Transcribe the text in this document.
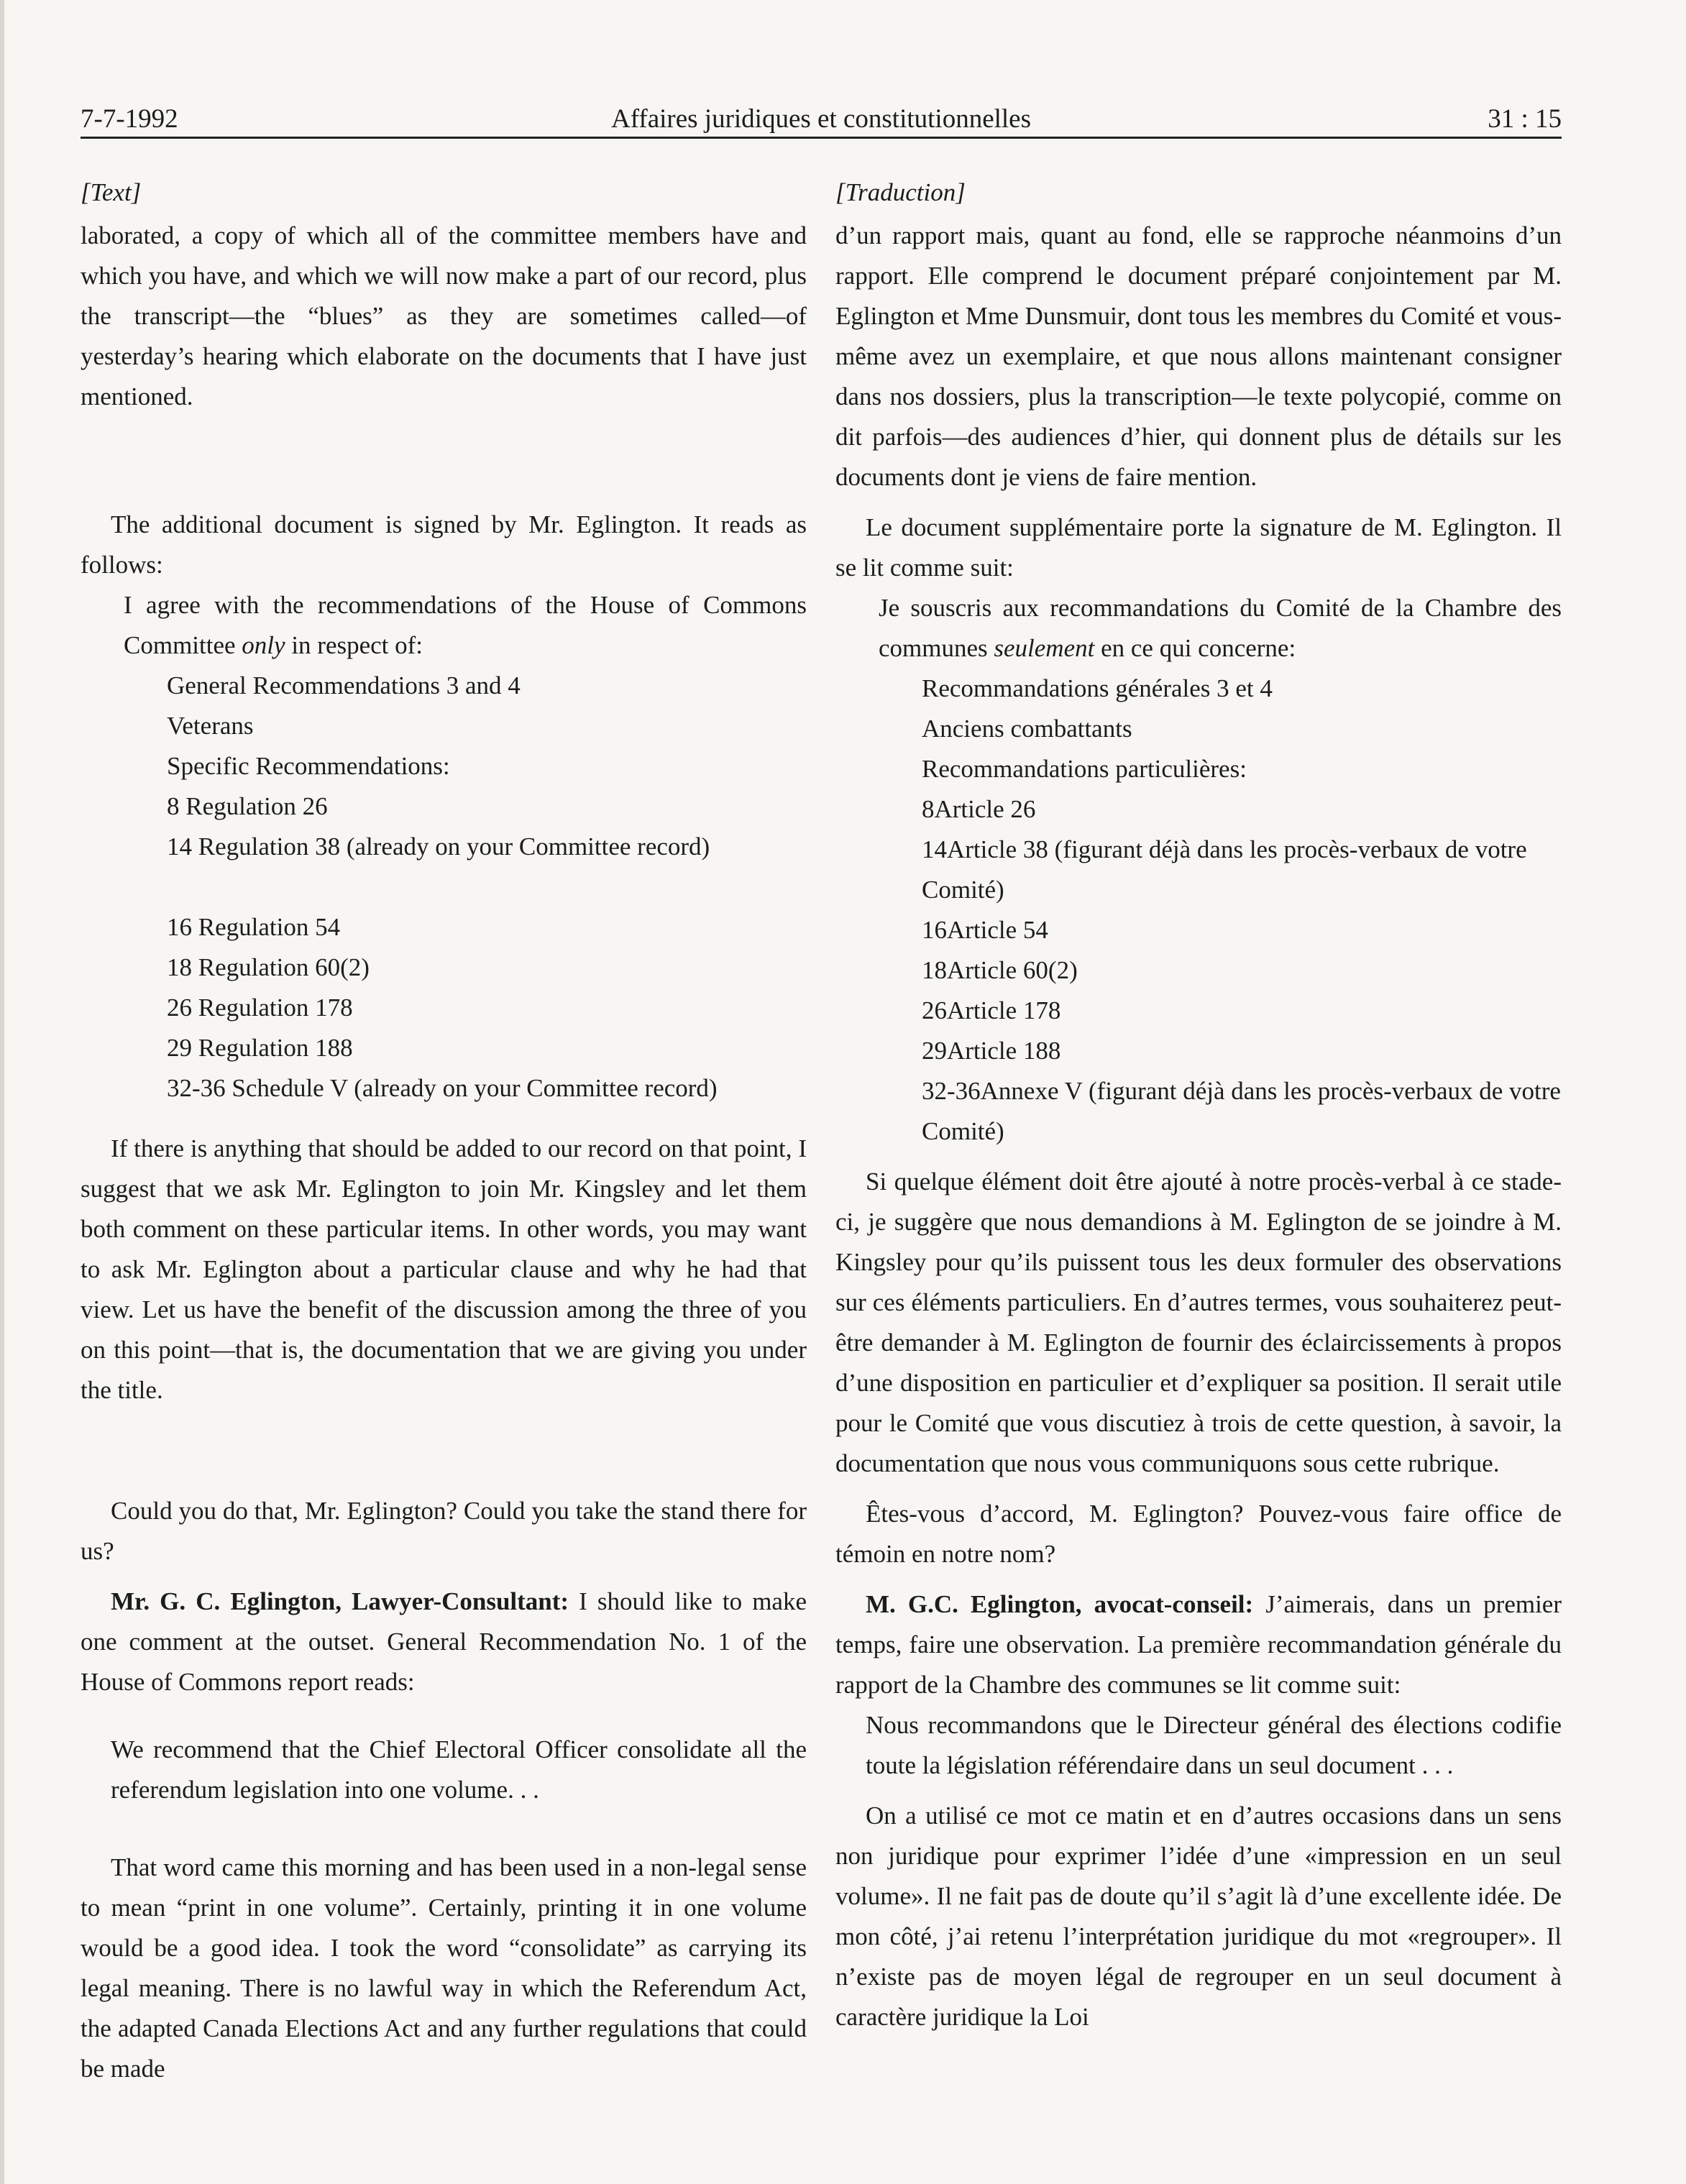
7-7-1992	Affaires juridiques et constitutionnelles	31 : 15

[Text]

laborated, a copy of which all of the committee members have and which you have, and which we will now make a part of our record, plus the transcript—the “blues” as they are sometimes called—of yesterday’s hearing which elaborate on the documents that I have just mentioned.

The additional document is signed by Mr. Eglington. It reads as follows:

I agree with the recommendations of the House of Commons Committee only in respect of:

General Recommendations 3 and 4
Veterans
Specific Recommendations:
8 Regulation 26
14 Regulation 38 (already on your Committee record)
16 Regulation 54
18 Regulation 60(2)
26 Regulation 178
29 Regulation 188
32-36 Schedule V (already on your Committee record)

If there is anything that should be added to our record on that point, I suggest that we ask Mr. Eglington to join Mr. Kingsley and let them both comment on these particular items. In other words, you may want to ask Mr. Eglington about a particular clause and why he had that view. Let us have the benefit of the discussion among the three of you on this point—that is, the documentation that we are giving you under the title.

Could you do that, Mr. Eglington? Could you take the stand there for us?

Mr. G. C. Eglington, Lawyer-Consultant: I should like to make one comment at the outset. General Recommendation No. 1 of the House of Commons report reads:

We recommend that the Chief Electoral Officer consolidate all the referendum legislation into one volume. . .

That word came this morning and has been used in a non-legal sense to mean “print in one volume”. Certainly, printing it in one volume would be a good idea. I took the word “consolidate” as carrying its legal meaning. There is no lawful way in which the Referendum Act, the adapted Canada Elections Act and any further regulations that could be made

[Traduction]

d’un rapport mais, quant au fond, elle se rapproche néanmoins d’un rapport. Elle comprend le document préparé conjointement par M. Eglington et Mme Dunsmuir, dont tous les membres du Comité et vous-même avez un exemplaire, et que nous allons maintenant consigner dans nos dossiers, plus la transcription—le texte polycopié, comme on dit parfois—des audiences d’hier, qui donnent plus de détails sur les documents dont je viens de faire mention.

Le document supplémentaire porte la signature de M. Eglington. Il se lit comme suit:

Je souscris aux recommandations du Comité de la Chambre des communes seulement en ce qui concerne:

Recommandations générales 3 et 4
Anciens combattants
Recommandations particulières:
8Article 26
14Article 38 (figurant déjà dans les procès-verbaux de votre Comité)
16Article 54
18Article 60(2)
26Article 178
29Article 188
32-36Annexe V (figurant déjà dans les procès-verbaux de votre Comité)

Si quelque élément doit être ajouté à notre procès-verbal à ce stade-ci, je suggère que nous demandions à M. Eglington de se joindre à M. Kingsley pour qu’ils puissent tous les deux formuler des observations sur ces éléments particuliers. En d’autres termes, vous souhaiterez peut-être demander à M. Eglington de fournir des éclaircissements à propos d’une disposition en particulier et d’expliquer sa position. Il serait utile pour le Comité que vous discutiez à trois de cette question, à savoir, la documentation que nous vous communiquons sous cette rubrique.

Êtes-vous d’accord, M. Eglington? Pouvez-vous faire office de témoin en notre nom?

M. G.C. Eglington, avocat-conseil: J’aimerais, dans un premier temps, faire une observation. La première recommandation générale du rapport de la Chambre des communes se lit comme suit:

Nous recommandons que le Directeur général des élections codifie toute la législation référendaire dans un seul document . . .

On a utilisé ce mot ce matin et en d’autres occasions dans un sens non juridique pour exprimer l’idée d’une «impression en un seul volume». Il ne fait pas de doute qu’il s’agit là d’une excellente idée. De mon côté, j’ai retenu l’interprétation juridique du mot «regrouper». Il n’existe pas de moyen légal de regrouper en un seul document à caractère juridique la Loi
